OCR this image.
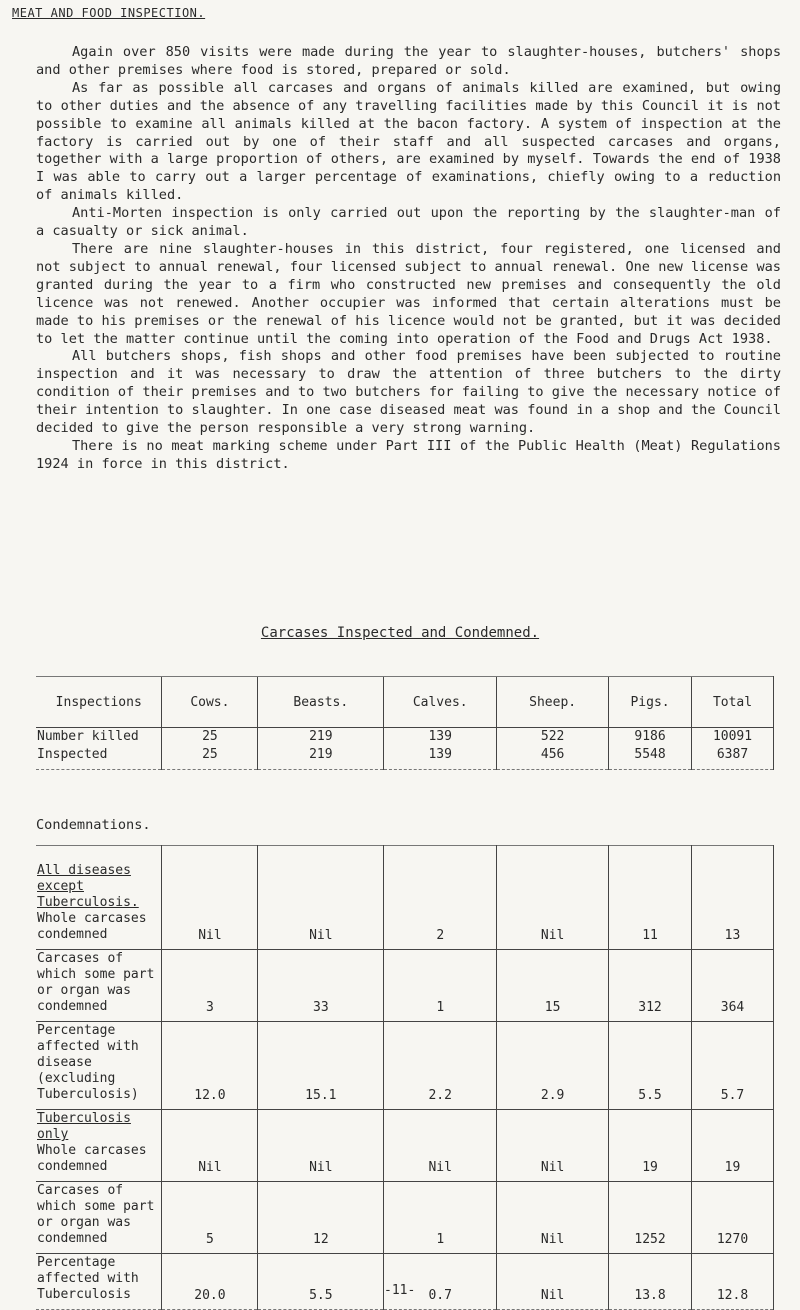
MEAT AND FOOD INSPECTION.

Again over 850 visits were made during the year to slaughter-houses, butchers' shops and other premises where food is stored, prepared or sold.

As far as possible all carcases and organs of animals killed are examined, but owing to other duties and the absence of any travelling facilities made by this Council it is not possible to examine all animals killed at the bacon factory. A system of inspection at the factory is carried out by one of their staff and all suspected carcases and organs, together with a large proportion of others, are examined by myself. Towards the end of 1938 I was able to carry out a larger percentage of examinations, chiefly owing to a reduction of animals killed.

Anti-Morten inspection is only carried out upon the reporting by the slaughter-man of a casualty or sick animal.

There are nine slaughter-houses in this district, four registered, one licensed and not subject to annual renewal, four licensed subject to annual renewal. One new license was granted during the year to a firm who constructed new premises and consequently the old licence was not renewed. Another occupier was informed that certain alterations must be made to his premises or the renewal of his licence would not be granted, but it was decided to let the matter continue until the coming into operation of the Food and Drugs Act 1938.

All butchers shops, fish shops and other food premises have been subjected to routine inspection and it was necessary to draw the attention of three butchers to the dirty condition of their premises and to two butchers for failing to give the necessary notice of their intention to slaughter. In one case diseased meat was found in a shop and the Council decided to give the person responsible a very strong warning.

There is no meat marking scheme under Part III of the Public Health (Meat) Regulations 1924 in force in this district.

Carcases Inspected and Condemned.
Inspections	Cows.	Beasts.	Calves.	Sheep.	Pigs.	Total
Number killed	25	219	139	522	9186	10091
Inspected	25	219	139	456	5548	6387
Condemnations.
All diseases except Tuberculosis.
Whole carcases condemned	Nil	Nil	2	Nil	11	13
Carcases of which some part or organ was condemned	3	33	1	15	312	364
Percentage affected with disease (excluding Tuberculosis)	12.0	15.1	2.2	2.9	5.5	5.7

Tuberculosis only
Whole carcases condemned	Nil	Nil	Nil	Nil	19	19
Carcases of which some part or organ was condemned	5	12	1	Nil	1252	1270
Percentage affected with Tuberculosis	20.0	5.5	0.7	Nil	13.8	12.8
-11-
